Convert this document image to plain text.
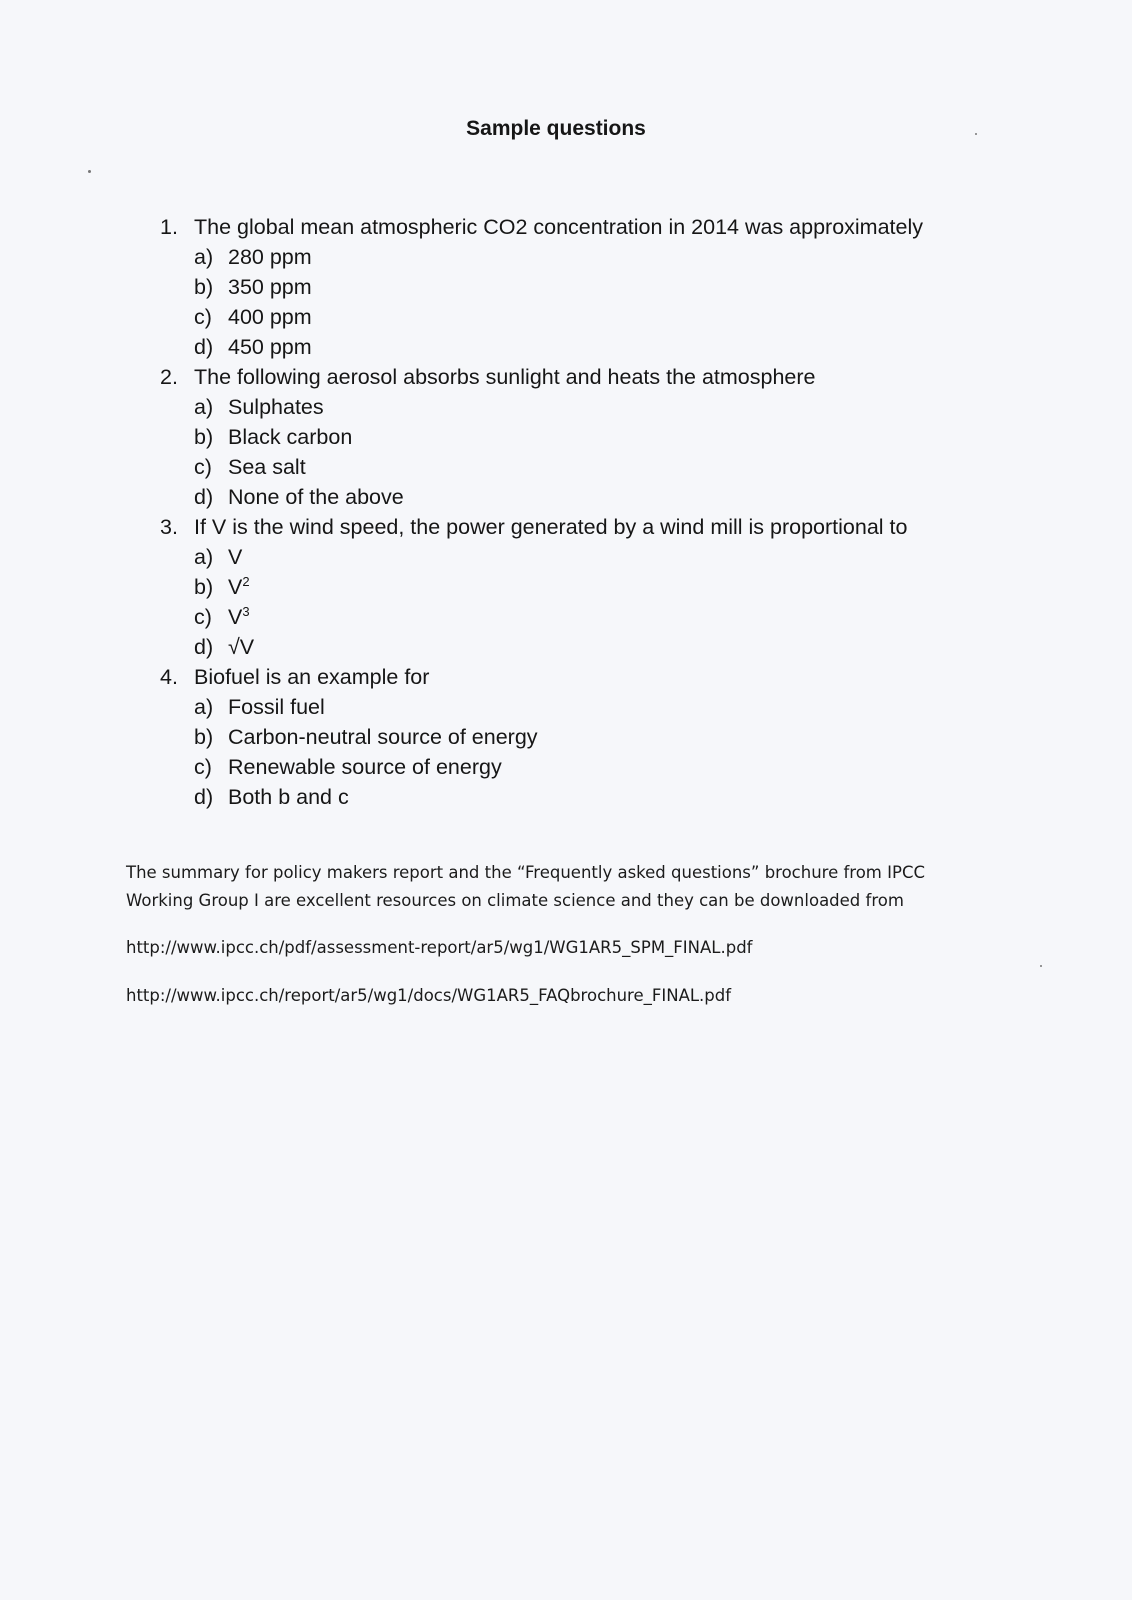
Sample questions
1. The global mean atmospheric CO2 concentration in 2014 was approximately
a) 280 ppm
b) 350 ppm
c) 400 ppm
d) 450 ppm
2. The following aerosol absorbs sunlight and heats the atmosphere
a) Sulphates
b) Black carbon
c) Sea salt
d) None of the above
3. If V is the wind speed, the power generated by a wind mill is proportional to
a) V
b) $V^2$
c) $V^3$
d) √V
4. Biofuel is an example for
a) Fossil fuel
b) Carbon-neutral source of energy
c) Renewable source of energy
d) Both b and c
The summary for policy makers report and the “Frequently asked questions” brochure from IPCC
Working Group I are excellent resources on climate science and they can be downloaded from
http://www.ipcc.ch/pdf/assessment-report/ar5/wg1/WG1AR5_SPM_FINAL.pdf
http://www.ipcc.ch/report/ar5/wg1/docs/WG1AR5_FAQbrochure_FINAL.pdf
